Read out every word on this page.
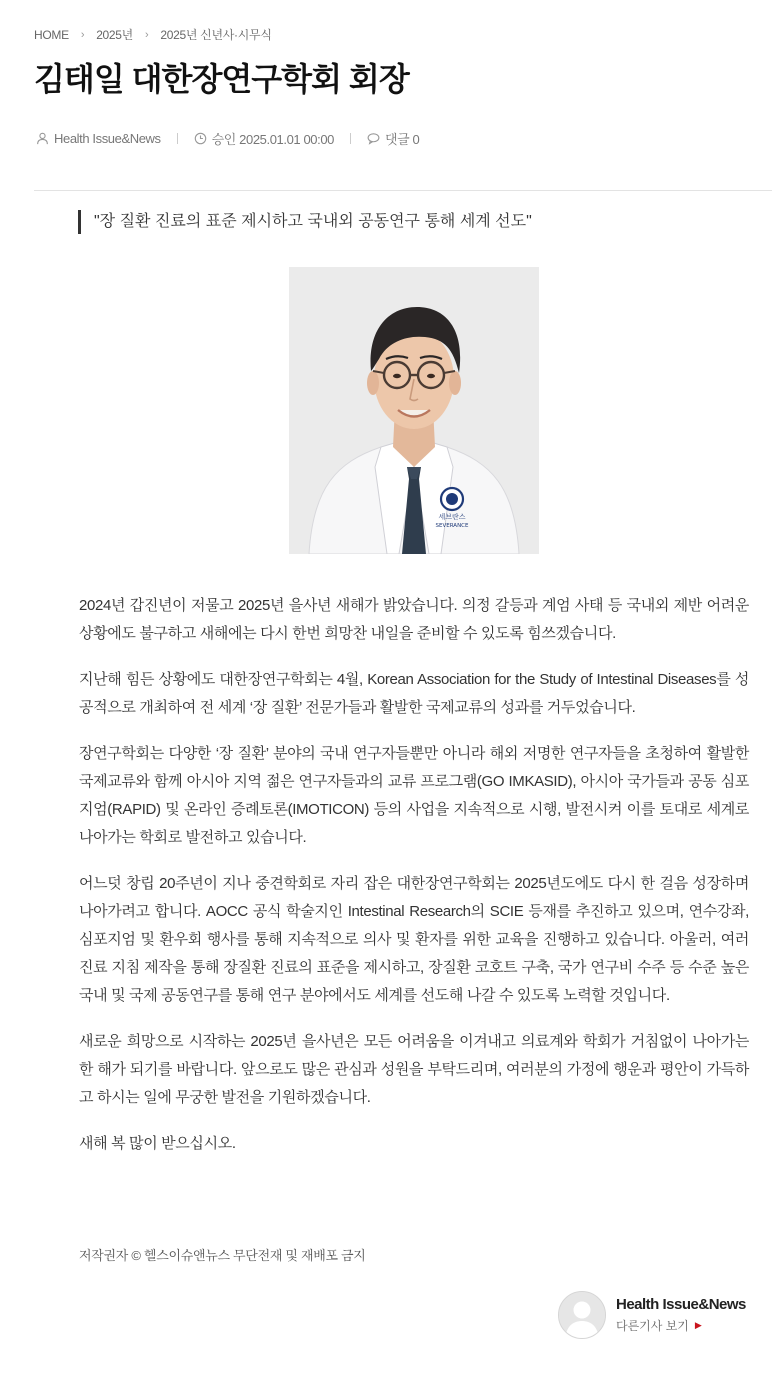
HOME › 2025년 › 2025년 신년사·시무식
김태일 대한장연구학회 회장
Health Issue&News	승인 2025.01.01 00:00	댓글 0
"장 질환 진료의 표준 제시하고 국내외 공동연구 통해 세계 선도"
세브란스
SEVERANCE

2024년 갑진년이 저물고 2025년 을사년 새해가 밝았습니다. 의정 갈등과 계엄 사태 등 국내외 제반 어려운 상황에도 불구하고 새해에는 다시 한번 희망찬 내일을 준비할 수 있도록 힘쓰겠습니다.

지난해 힘든 상황에도 대한장연구학회는 4월, Korean Association for the Study of Intestinal Diseases를 성공적으로 개최하여 전 세계 ‘장 질환’ 전문가들과 활발한 국제교류의 성과를 거두었습니다.

장연구학회는 다양한 ‘장 질환’ 분야의 국내 연구자들뿐만 아니라 해외 저명한 연구자들을 초청하여 활발한 국제교류와 함께 아시아 지역 젊은 연구자들과의 교류 프로그램(GO IMKASID), 아시아 국가들과 공동 심포지엄(RAPID) 및 온라인 증례토론(IMOTICON) 등의 사업을 지속적으로 시행, 발전시켜 이를 토대로 세계로 나아가는 학회로 발전하고 있습니다.

어느덧 창립 20주년이 지나 중견학회로 자리 잡은 대한장연구학회는 2025년도에도 다시 한 걸음 성장하며 나아가려고 합니다. AOCC 공식 학술지인 Intestinal Research의 SCIE 등재를 추진하고 있으며, 연수강좌, 심포지엄 및 환우회 행사를 통해 지속적으로 의사 및 환자를 위한 교육을 진행하고 있습니다. 아울러, 여러 진료 지침 제작을 통해 장질환 진료의 표준을 제시하고, 장질환 코호트 구축, 국가 연구비 수주 등 수준 높은 국내 및 국제 공동연구를 통해 연구 분야에서도 세계를 선도해 나갈 수 있도록 노력할 것입니다.

새로운 희망으로 시작하는 2025년 을사년은 모든 어려움을 이겨내고 의료계와 학회가 거침없이 나아가는 한 해가 되기를 바랍니다. 앞으로도 많은 관심과 성원을 부탁드리며, 여러분의 가정에 행운과 평안이 가득하고 하시는 일에 무궁한 발전을 기원하겠습니다.

새해 복 많이 받으십시오.

저작권자 © 헬스이슈앤뉴스 무단전재 및 재배포 금지
Health Issue&News
다른기사 보기 ▶
